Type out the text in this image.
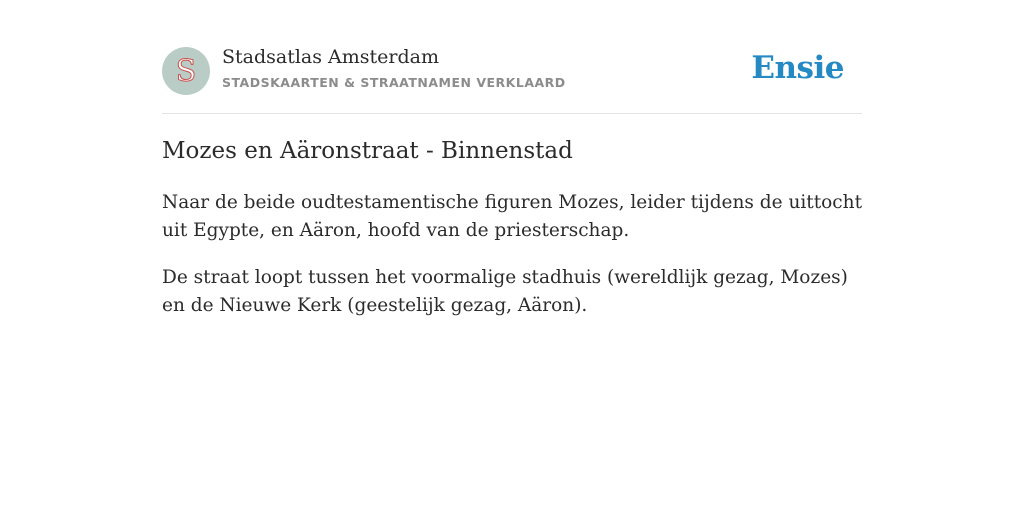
S Stadsatlas Amsterdam
STADSKAARTEN & STRAATNAMEN VERKLAARD	Ensie
Mozes en Aäronstraat - Binnenstad

Naar de beide oudtestamentische figuren Mozes, leider tijdens de uittocht uit Egypte, en Aäron, hoofd van de priesterschap.

De straat loopt tussen het voormalige stadhuis (wereldlijk gezag, Mozes) en de Nieuwe Kerk (geestelijk gezag, Aäron).
